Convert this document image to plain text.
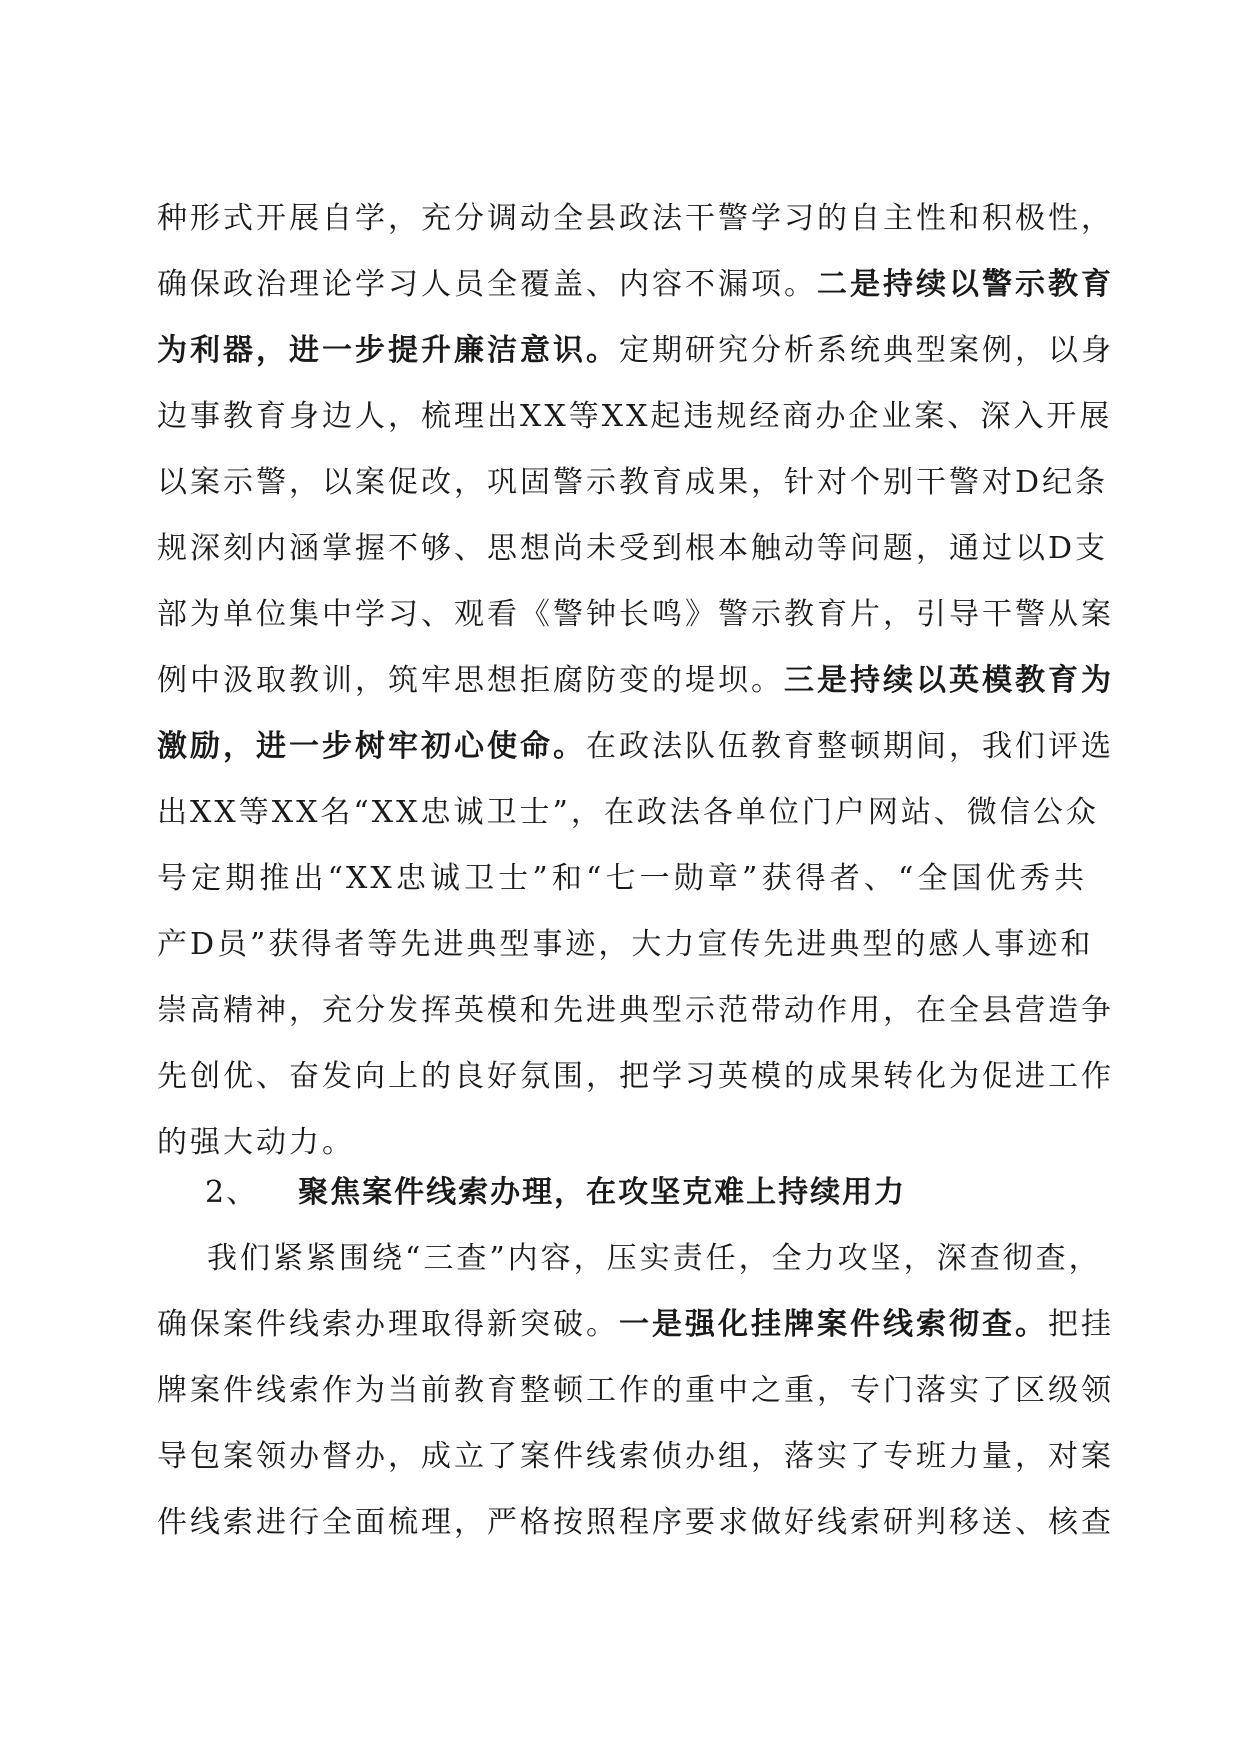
种形式开展自学，充分调动全县政法干警学习的自主性和积极性，
确保政治理论学习人员全覆盖、内容不漏项。二是持续以警示教育
为利器，进一步提升廉洁意识。定期研究分析系统典型案例，以身
边事教育身边人，梳理出XX等XX起违规经商办企业案、深入开展
以案示警，以案促改，巩固警示教育成果，针对个别干警对D纪条
规深刻内涵掌握不够、思想尚未受到根本触动等问题，通过以D支
部为单位集中学习、观看《警钟长鸣》警示教育片，引导干警从案
例中汲取教训，筑牢思想拒腐防变的堤坝。三是持续以英模教育为
激励，进一步树牢初心使命。在政法队伍教育整顿期间，我们评选
出XX等XX名“XX忠诚卫士”，在政法各单位门户网站、微信公众
号定期推出“XX忠诚卫士”和“七一勋章”获得者、“全国优秀共
产D员”获得者等先进典型事迹，大力宣传先进典型的感人事迹和
崇高精神，充分发挥英模和先进典型示范带动作用，在全县营造争
先创优、奋发向上的良好氛围，把学习英模的成果转化为促进工作
的强大动力。
2、 聚焦案件线索办理，在攻坚克难上持续用力
我们紧紧围绕“三查”内容，压实责任，全力攻坚，深查彻查，
确保案件线索办理取得新突破。一是强化挂牌案件线索彻查。把挂
牌案件线索作为当前教育整顿工作的重中之重，专门落实了区级领
导包案领办督办，成立了案件线索侦办组，落实了专班力量，对案
件线索进行全面梳理，严格按照程序要求做好线索研判移送、核查
